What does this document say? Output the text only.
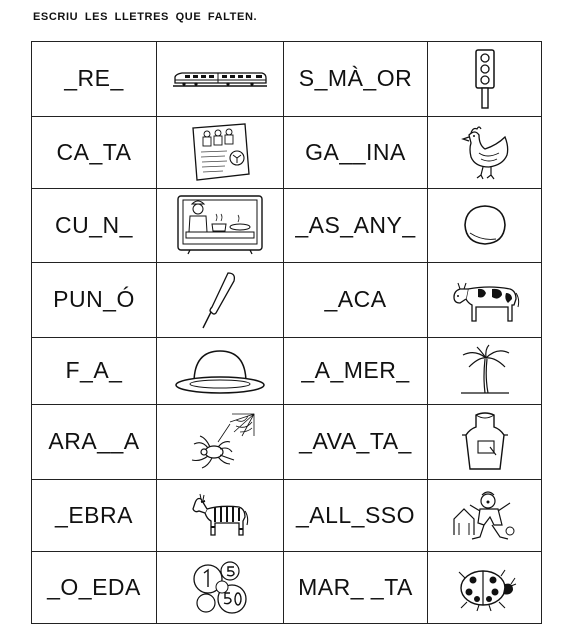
ESCRIU LES LLETRES QUE FALTEN.
_RE_		S_MÀ_OR	

CA_TA		GA__INA	

CU_N_		_AS_ANY_	

PUN_Ó		_ACA	

F_A_		_A_MER_	

ARA__A		_AVA_TA_	

_EBRA		_ALL_SSO	

_O_EDA		MAR_ _TA	
